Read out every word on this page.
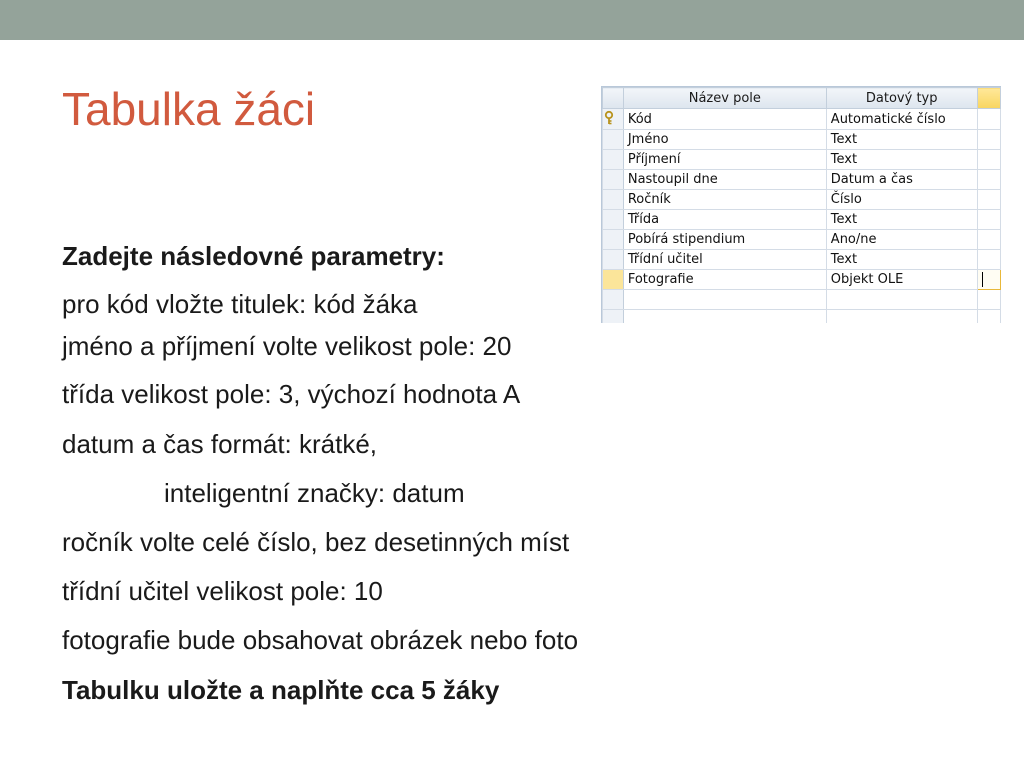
Tabulka žáci
Zadejte následovné parametry:
pro kód vložte titulek: kód žáka
jméno a příjmení volte velikost pole: 20
třída velikost pole: 3, výchozí hodnota A
datum a čas formát: krátké,
inteligentní značky: datum
ročník volte celé číslo, bez desetinných míst
třídní učitel velikost pole: 10
fotografie bude obsahovat obrázek nebo foto
Tabulku uložte a naplňte cca 5 žáky
	Název pole	Datový typ	
	Kód	Automatické číslo	
	Jméno	Text	
	Příjmení	Text	
	Nastoupil dne	Datum a čas	
	Ročník	Číslo	
	Třída	Text	
	Pobírá stipendium	Ano/ne	
	Třídní učitel	Text	
	Fotografie	Objekt OLE	
